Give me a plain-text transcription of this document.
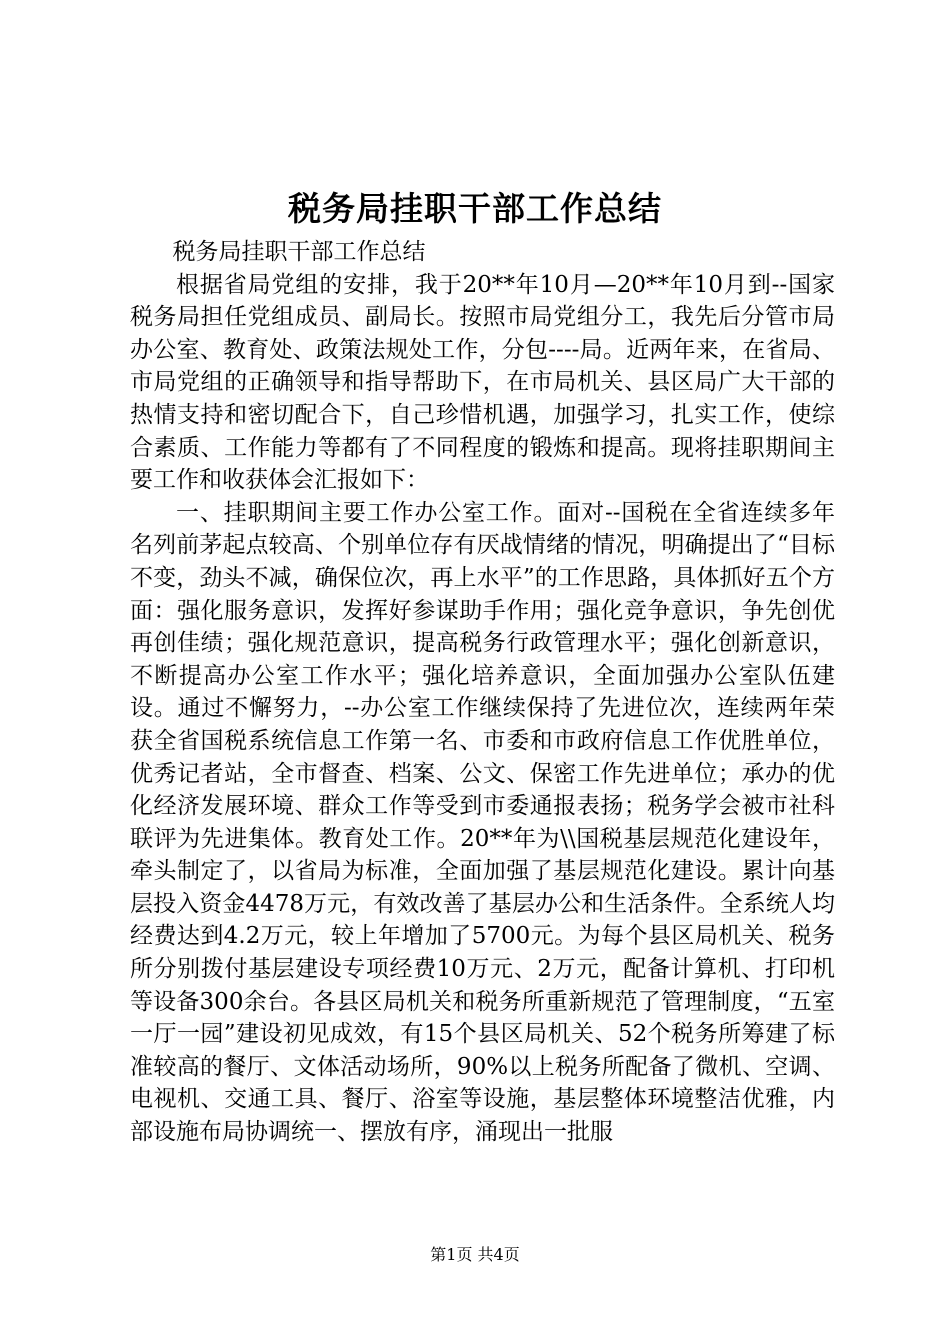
税务局挂职干部工作总结

税务局挂职干部工作总结

根据省局党组的安排，我于20**年10月—20**年10月到--国家税务局担任党组成员、副局长。按照市局党组分工，我先后分管市局办公室、教育处、政策法规处工作，分包----局。近两年来，在省局、市局党组的正确领导和指导帮助下，在市局机关、县区局广大干部的热情支持和密切配合下，自己珍惜机遇，加强学习，扎实工作，使综合素质、工作能力等都有了不同程度的锻炼和提高。现将挂职期间主要工作和收获体会汇报如下：

一、挂职期间主要工作办公室工作。面对--国税在全省连续多年名列前茅起点较高、个别单位存有厌战情绪的情况，明确提出了“目标不变，劲头不减，确保位次，再上水平”的工作思路，具体抓好五个方面：强化服务意识，发挥好参谋助手作用；强化竞争意识，争先创优再创佳绩；强化规范意识，提高税务行政管理水平；强化创新意识，不断提高办公室工作水平；强化培养意识，全面加强办公室队伍建设。通过不懈努力，--办公室工作继续保持了先进位次，连续两年荣获全省国税系统信息工作第一名、市委和市政府信息工作优胜单位，优秀记者站，全市督查、档案、公文、保密工作先进单位；承办的优化经济发展环境、群众工作等受到市委通报表扬；税务学会被市社科联评为先进集体。教育处工作。20**年为\\国税基层规范化建设年，牵头制定了，以省局为标准，全面加强了基层规范化建设。累计向基层投入资金4478万元，有效改善了基层办公和生活条件。全系统人均经费达到4.2万元，较上年增加了5700元。为每个县区局机关、税务所分别拨付基层建设专项经费10万元、2万元，配备计算机、打印机等设备300余台。各县区局机关和税务所重新规范了管理制度，“五室一厅一园”建设初见成效，有15个县区局机关、52个税务所筹建了标准较高的餐厅、文体活动场所，90%以上税务所配备了微机、空调、电视机、交通工具、餐厅、浴室等设施，基层整体环境整洁优雅，内部设施布局协调统一、摆放有序，涌现出一批服

第1页 共4页
